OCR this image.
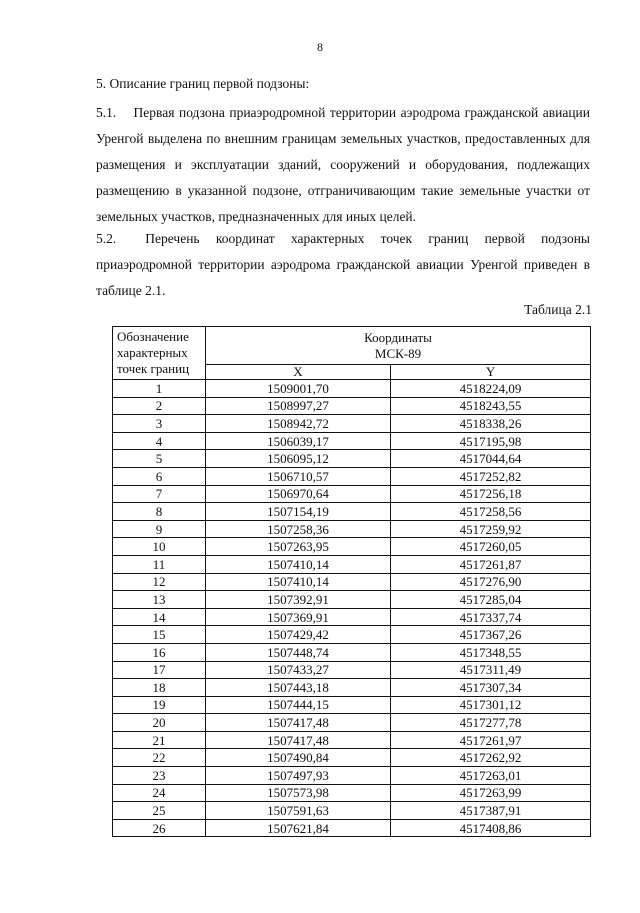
8
5. Описание границ первой подзоны:
5.1. Первая подзона приаэродромной территории аэродрома гражданской авиации Уренгой выделена по внешним границам земельных участков, предоставленных для размещения и эксплуатации зданий, сооружений и оборудования, подлежащих размещению в указанной подзоне, отграничивающим такие земельные участки от земельных участков, предназначенных для иных целей.
5.2. Перечень координат характерных точек границ первой подзоны приаэродромной территории аэродрома гражданской авиации Уренгой приведен в таблице 2.1.
Таблица 2.1
Обозначение характерных точек границ	Координаты
МСК-89	

	X	Y
1	1509001,70	4518224,09
2	1508997,27	4518243,55
3	1508942,72	4518338,26
4	1506039,17	4517195,98
5	1506095,12	4517044,64
6	1506710,57	4517252,82
7	1506970,64	4517256,18
8	1507154,19	4517258,56
9	1507258,36	4517259,92
10	1507263,95	4517260,05
11	1507410,14	4517261,87
12	1507410,14	4517276,90
13	1507392,91	4517285,04
14	1507369,91	4517337,74
15	1507429,42	4517367,26
16	1507448,74	4517348,55
17	1507433,27	4517311,49
18	1507443,18	4517307,34
19	1507444,15	4517301,12
20	1507417,48	4517277,78
21	1507417,48	4517261,97
22	1507490,84	4517262,92
23	1507497,93	4517263,01
24	1507573,98	4517263,99
25	1507591,63	4517387,91
26	1507621,84	4517408,86
